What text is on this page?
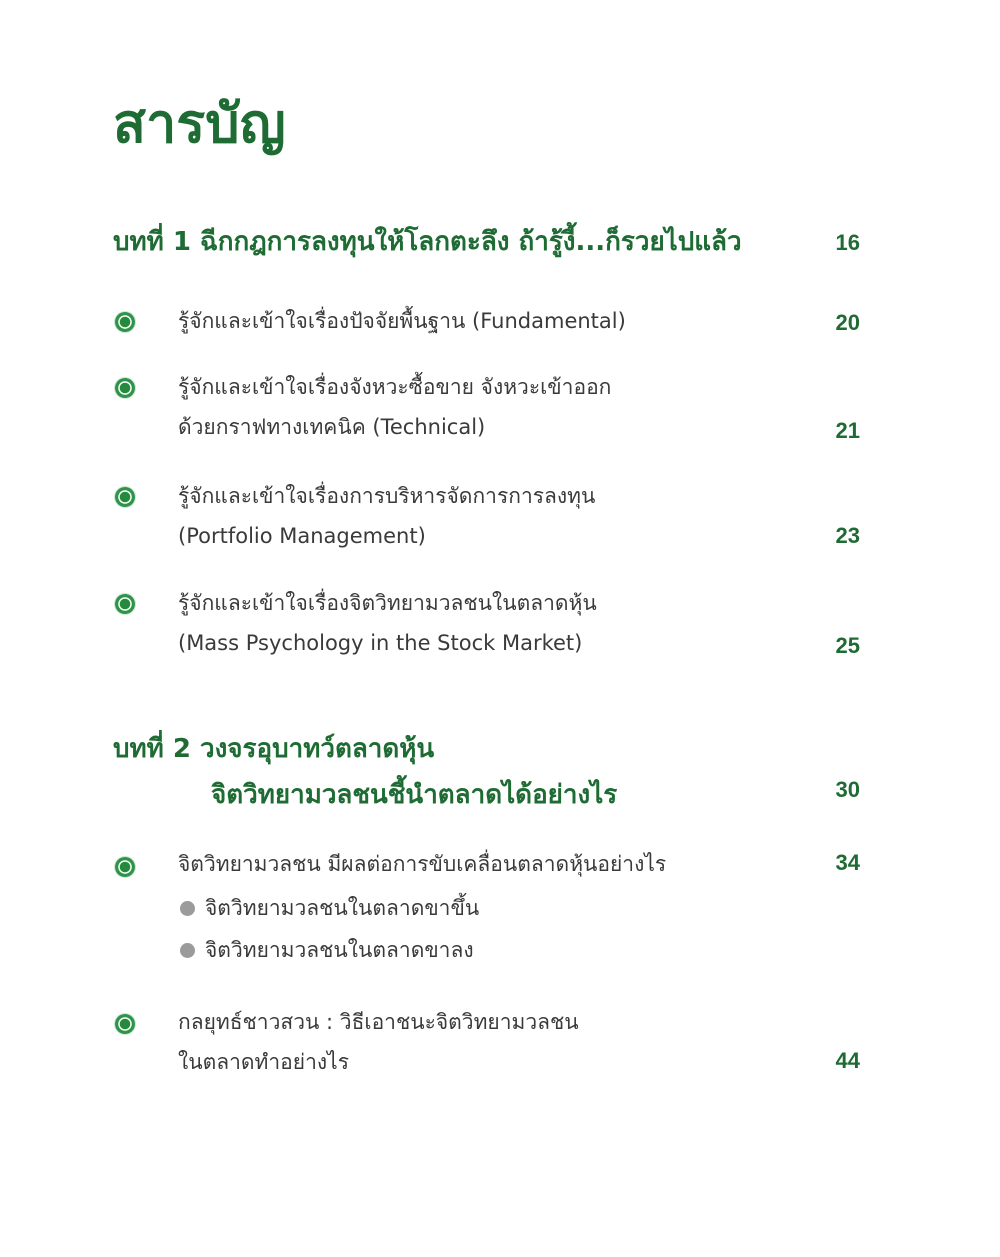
สารบัญ
บทที่ 1 ฉีกกฎการลงทุนให้โลกตะลึง ถ้ารู้งี้...ก็รวยไปแล้ว	16
รู้จักและเข้าใจเรื่องปัจจัยพื้นฐาน (Fundamental)	20
รู้จักและเข้าใจเรื่องจังหวะซื้อขาย จังหวะเข้าออก
ด้วยกราฟทางเทคนิค (Technical)	21
รู้จักและเข้าใจเรื่องการบริหารจัดการการลงทุน
(Portfolio Management)	23
รู้จักและเข้าใจเรื่องจิตวิทยามวลชนในตลาดหุ้น
(Mass Psychology in the Stock Market)	25
บทที่ 2 วงจรอุบาทว์ตลาดหุ้น
จิตวิทยามวลชนชี้นำตลาดได้อย่างไร	30
จิตวิทยามวลชน มีผลต่อการขับเคลื่อนตลาดหุ้นอย่างไร	34
จิตวิทยามวลชนในตลาดขาขึ้น
จิตวิทยามวลชนในตลาดขาลง
กลยุทธ์ชาวสวน : วิธีเอาชนะจิตวิทยามวลชน
ในตลาดทำอย่างไร	44
